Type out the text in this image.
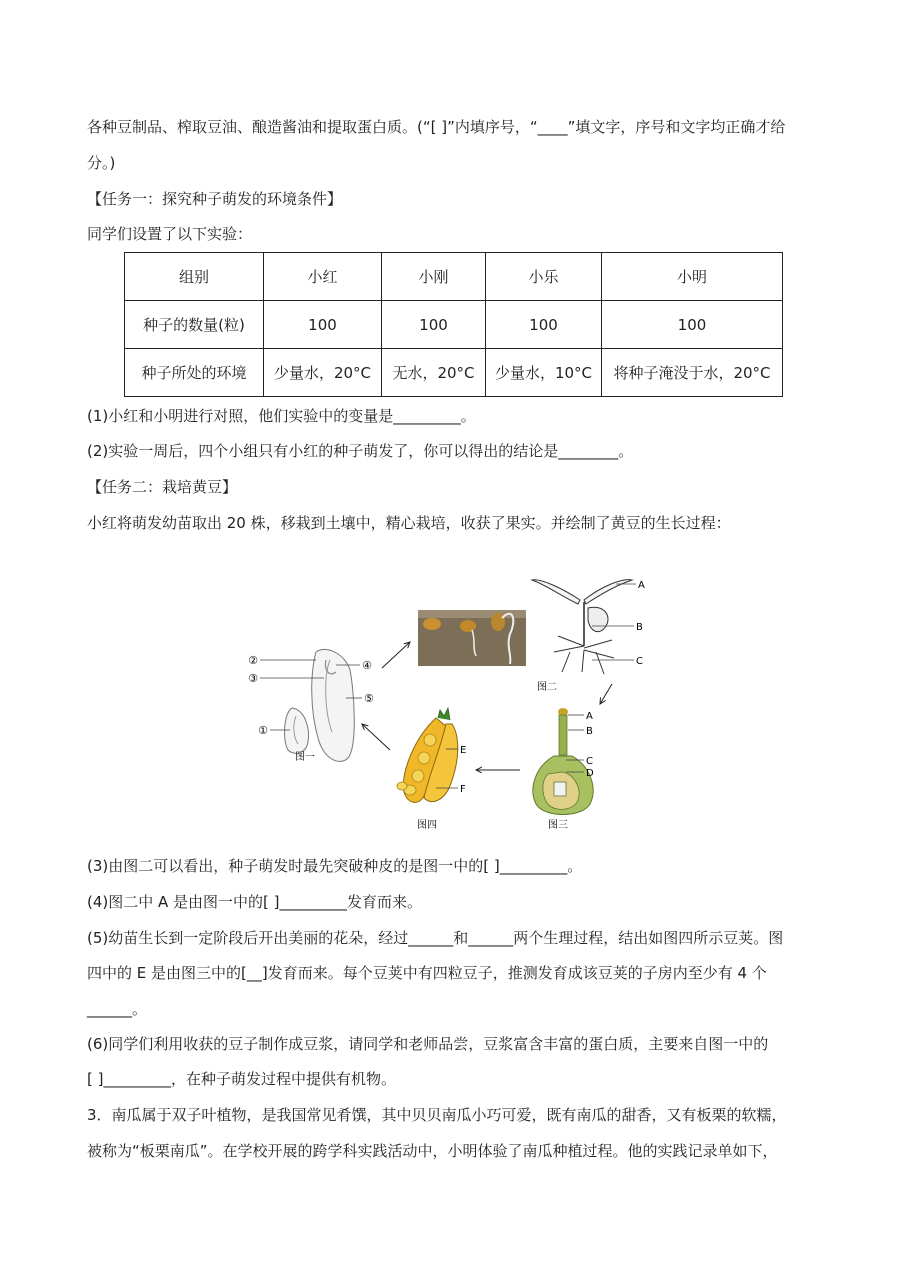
各种豆制品、榨取豆油、酿造酱油和提取蛋白质。(“[ ]”内填序号，“____”填文字，序号和文字均正确才给
分。)
【任务一：探究种子萌发的环境条件】
同学们设置了以下实验：
组别	小红	小刚	小乐	小明
种子的数量(粒)	100	100	100	100
种子所处的环境	少量水，20°C	无水，20°C	少量水，10°C	将种子淹没于水，20°C
(1)小红和小明进行对照，他们实验中的变量是_________。
(2)实验一周后，四个小组只有小红的种子萌发了，你可以得出的结论是________。
【任务二：栽培黄豆】
小红将萌发幼苗取出 20 株，移栽到土壤中，精心栽培，收获了果实。并绘制了黄豆的生长过程：
②
③
④
⑤
①
图一
A
B
C
图二
A
B
C
D
图三
E
F
图四
(3)由图二可以看出，种子萌发时最先突破种皮的是图一中的[ ]_________。
(4)图二中 A 是由图一中的[ ]_________发育而来。
(5)幼苗生长到一定阶段后开出美丽的花朵，经过______和______两个生理过程，结出如图四所示豆荚。图
四中的 E 是由图三中的[__]发育而来。每个豆荚中有四粒豆子，推测发育成该豆荚的子房内至少有 4 个
______。
(6)同学们利用收获的豆子制作成豆浆，请同学和老师品尝，豆浆富含丰富的蛋白质，主要来自图一中的
[ ]_________，在种子萌发过程中提供有机物。
3．南瓜属于双子叶植物，是我国常见肴馔，其中贝贝南瓜小巧可爱，既有南瓜的甜香，又有板栗的软糯，
被称为“板栗南瓜”。在学校开展的跨学科实践活动中，小明体验了南瓜种植过程。他的实践记录单如下，
